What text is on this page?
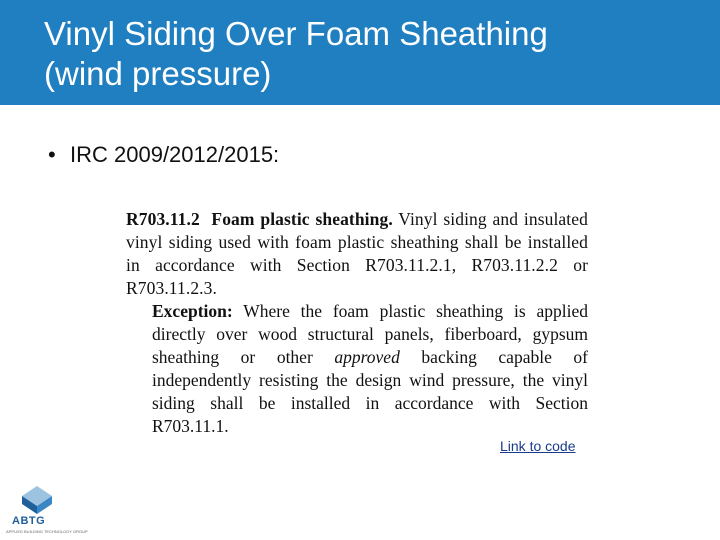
Vinyl Siding Over Foam Sheathing
(wind pressure)
• IRC 2009/2012/2015:

R703.11.2 Foam plastic sheathing. Vinyl siding and insulated vinyl siding used with foam plastic sheathing shall be installed in accordance with Section R703.11.2.1, R703.11.2.2 or R703.11.2.3.

Exception: Where the foam plastic sheathing is applied directly over wood structural panels, fiberboard, gypsum sheathing or other approved backing capable of independently resisting the design wind pressure, the vinyl siding shall be installed in accordance with Section R703.11.1.

Link to code
ABTG
APPLIED BUILDING TECHNOLOGY GROUP
